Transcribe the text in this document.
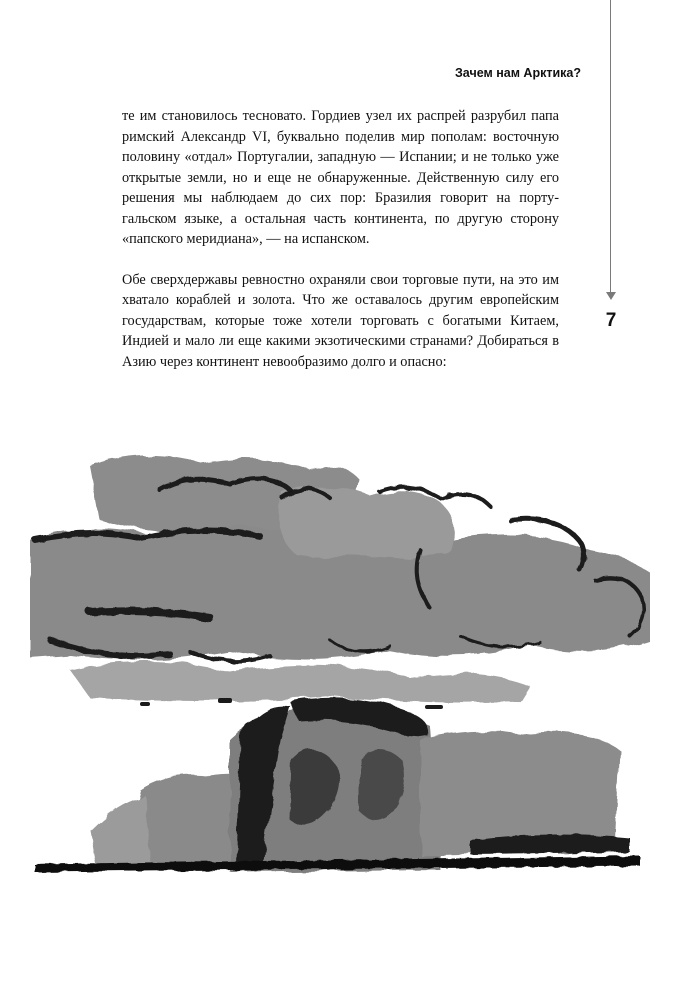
7
Зачем нам Арктика?

те им становилось тесновато. Гордиев узел их распрей разрубил папа римский Александр VI, буквально поделив мир пополам: восточную половину «отдал» Португалии, западную — Испании; и не только уже открытые земли, но и еще не обнаруженные. Действенную силу его решения мы наблюдаем до сих пор: Бразилия говорит на португальском языке, а остальная часть континента, по другую сторону «папского меридиана», — на испанском.

Обе сверхдержавы ревностно охраняли свои торговые пути, на это им хватало кораблей и золота. Что же оставалось другим европейским государствам, которые тоже хотели торговать с богатыми Китаем, Индией и мало ли еще какими экзотическими странами? Добираться в Азию через континент невообразимо долго и опасно:
